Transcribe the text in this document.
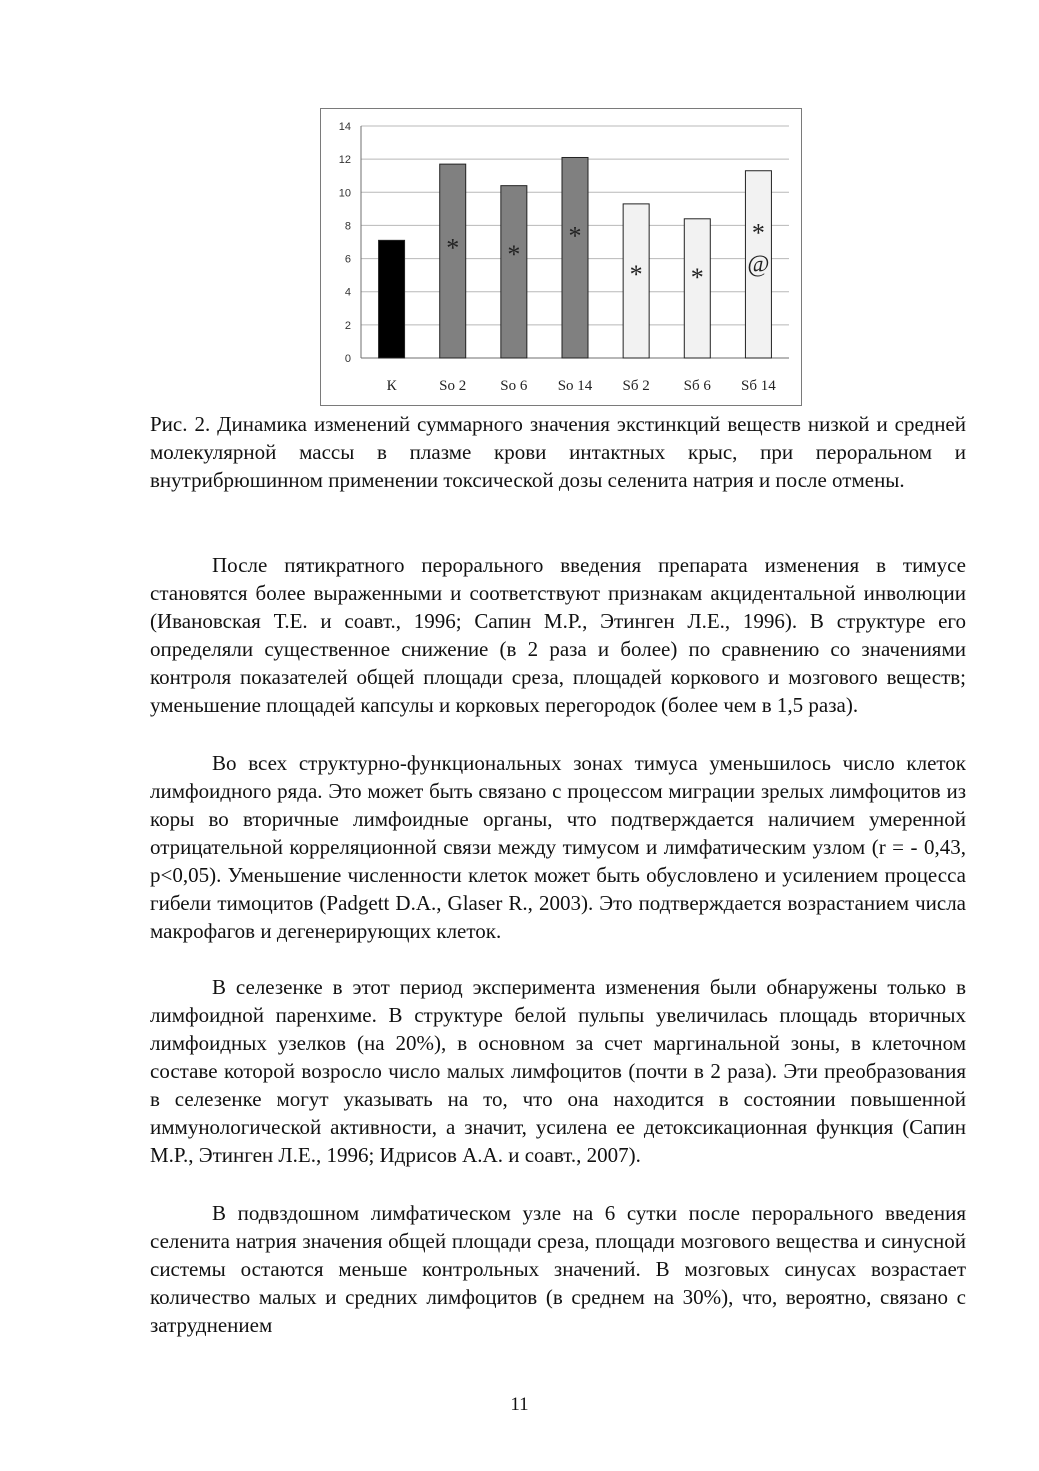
0
2
4
6
8
10
12
14
К	So 2 So 6 So 14 Sб 2 Sб 6 Sб 14
* *
*
* *
*
@

Рис. 2. Динамика изменений суммарного значения экстинкций веществ низкой и средней молекулярной массы в плазме крови интактных крыс, при пероральном и внутрибрюшинном применении токсической дозы селенита натрия и после отмены.

После пятикратного перорального введения препарата изменения в тимусе становятся более выраженными и соответствуют признакам акцидентальной инволюции (Ивановская Т.Е. и соавт., 1996; Сапин М.Р., Этинген Л.Е., 1996). В структуре его определяли существенное снижение (в 2 раза и более) по сравнению со значениями контроля показателей общей площади среза, площадей коркового и мозгового веществ; уменьшение площадей капсулы и корковых перегородок (более чем в 1,5 раза).

Во всех структурно-функциональных зонах тимуса уменьшилось число клеток лимфоидного ряда. Это может быть связано с процессом миграции зрелых лимфоцитов из коры во вторичные лимфоидные органы, что подтверждается наличием умеренной отрицательной корреляционной связи между тимусом и лимфатическим узлом (r = - 0,43, p<0,05). Уменьшение численности клеток может быть обусловлено и усилением процесса гибели тимоцитов (Padgett D.A., Glaser R., 2003). Это подтверждается возрастанием числа макрофагов и дегенерирующих клеток.

В селезенке в этот период эксперимента изменения были обнаружены только в лимфоидной паренхиме. В структуре белой пульпы увеличилась площадь вторичных лимфоидных узелков (на 20%), в основном за счет маргинальной зоны, в клеточном составе которой возросло число малых лимфоцитов (почти в 2 раза). Эти преобразования в селезенке могут указывать на то, что она находится в состоянии повышенной иммунологической активности, а значит, усилена ее детоксикационная функция (Сапин М.Р., Этинген Л.Е., 1996; Идрисов А.А. и соавт., 2007).

В подвздошном лимфатическом узле на 6 сутки после перорального введения селенита натрия значения общей площади среза, площади мозгового вещества и синусной системы остаются меньше контрольных значений. В мозговых синусах возрастает количество малых и средних лимфоцитов (в среднем на 30%), что, вероятно, связано с затруднением

11
